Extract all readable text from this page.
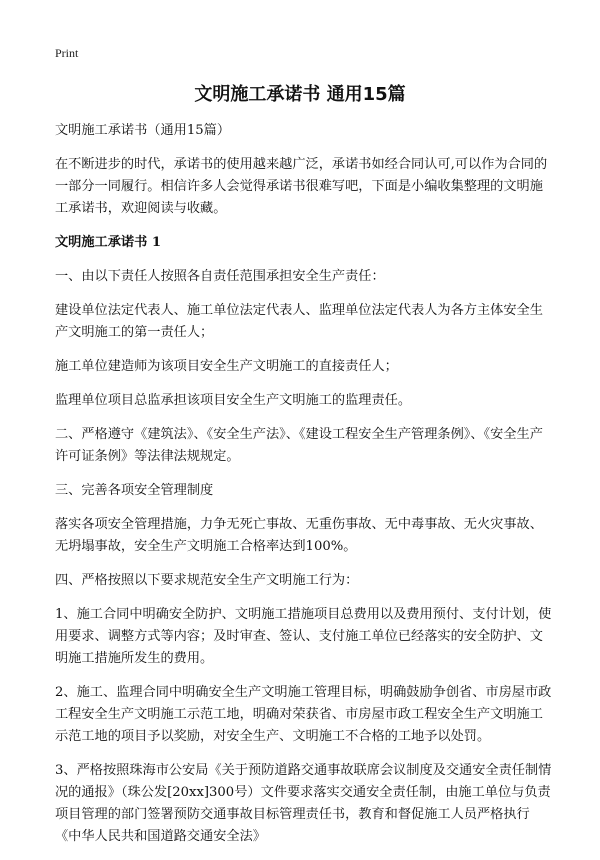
Print
文明施工承诺书 通用15篇

文明施工承诺书（通用15篇）

在不断进步的时代，承诺书的使用越来越广泛，承诺书如经合同认可,可以作为合同的一部分一同履行。相信许多人会觉得承诺书很难写吧，下面是小编收集整理的文明施工承诺书，欢迎阅读与收藏。

文明施工承诺书 1

一、由以下责任人按照各自责任范围承担安全生产责任：

建设单位法定代表人、施工单位法定代表人、监理单位法定代表人为各方主体安全生产文明施工的第一责任人；

施工单位建造师为该项目安全生产文明施工的直接责任人；

监理单位项目总监承担该项目安全生产文明施工的监理责任。

二、严格遵守《建筑法》、《安全生产法》、《建设工程安全生产管理条例》、《安全生产许可证条例》等法律法规规定。

三、完善各项安全管理制度

落实各项安全管理措施，力争无死亡事故、无重伤事故、无中毒事故、无火灾事故、无坍塌事故，安全生产文明施工合格率达到100%。

四、严格按照以下要求规范安全生产文明施工行为：

1、施工合同中明确安全防护、文明施工措施项目总费用以及费用预付、支付计划，使用要求、调整方式等内容；及时审查、签认、支付施工单位已经落实的安全防护、文明施工措施所发生的费用。

2、施工、监理合同中明确安全生产文明施工管理目标，明确鼓励争创省、市房屋市政工程安全生产文明施工示范工地，明确对荣获省、市房屋市政工程安全生产文明施工示范工地的项目予以奖励，对安全生产、文明施工不合格的工地予以处罚。

3、严格按照珠海市公安局《关于预防道路交通事故联席会议制度及交通安全责任制情况的通报》（珠公发[20xx]300号）文件要求落实交通安全责任制，由施工单位与负责项目管理的部门签署预防交通事故目标管理责任书，教育和督促施工人员严格执行《中华人民共和国道路交通安全法》
